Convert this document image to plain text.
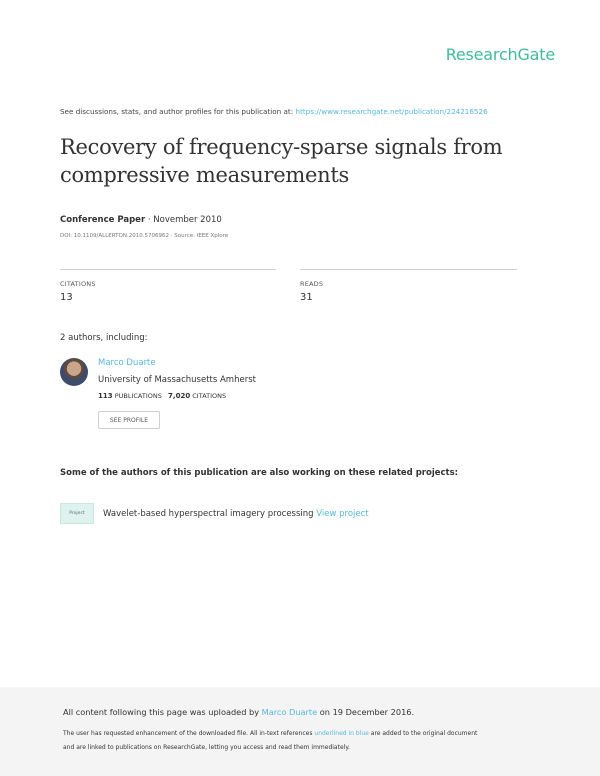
ResearchGate
See discussions, stats, and author profiles for this publication at: https://www.researchgate.net/publication/224216526
Recovery of frequency-sparse signals from compressive measurements
Conference Paper · November 2010
DOI: 10.1109/ALLERTON.2010.5706962 · Source: IEEE Xplore
CITATIONS
13
READS
31
2 authors, including:
Marco Duarte
University of Massachusetts Amherst
113 PUBLICATIONS 7,020 CITATIONS
SEE PROFILE
Some of the authors of this publication are also working on these related projects:
Project	Wavelet-based hyperspectral imagery processing View project
All content following this page was uploaded by Marco Duarte on 19 December 2016.
The user has requested enhancement of the downloaded file. All in-text references underlined in blue are added to the original document
and are linked to publications on ResearchGate, letting you access and read them immediately.
